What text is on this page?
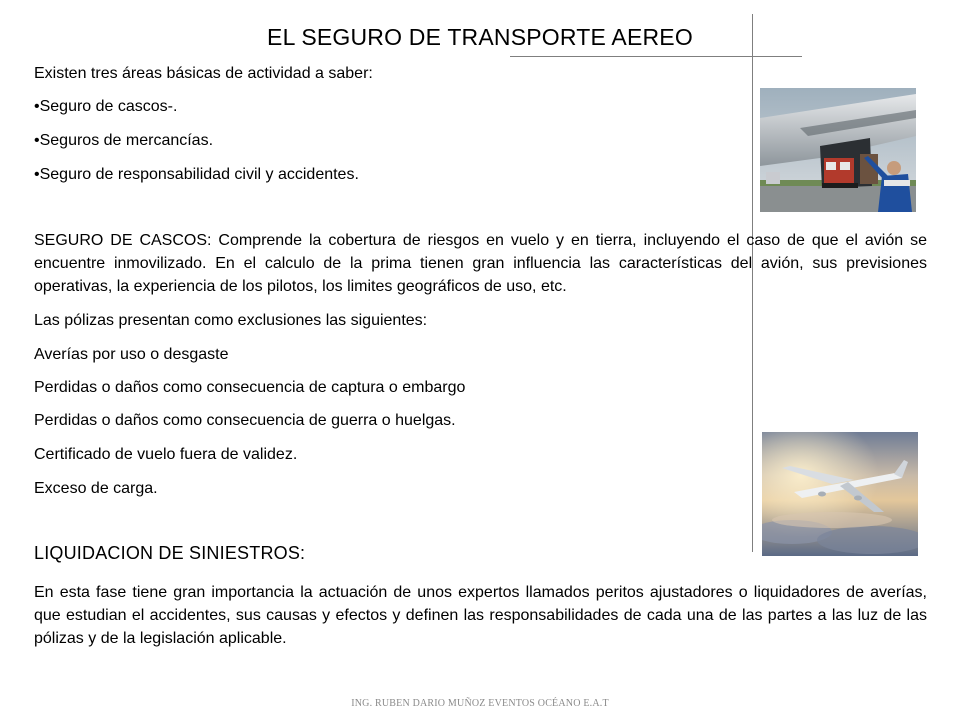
EL SEGURO DE TRANSPORTE AEREO
Existen tres áreas básicas de actividad a saber:
•Seguro de cascos-.
•Seguros de mercancías.
•Seguro de responsabilidad civil y accidentes.
SEGURO DE CASCOS: Comprende la cobertura de riesgos en vuelo y en tierra, incluyendo el caso de que el avión se encuentre inmovilizado. En el calculo de la prima tienen gran influencia las características del avión, sus previsiones operativas, la experiencia de los pilotos, los limites geográficos de uso, etc.
Las pólizas presentan como exclusiones las siguientes:
Averías por uso o desgaste
Perdidas o daños como consecuencia de captura o embargo
Perdidas o daños como consecuencia de guerra o huelgas.
Certificado de vuelo fuera de validez.
Exceso de carga.
LIQUIDACION DE SINIESTROS:
En esta fase tiene gran importancia la actuación de unos expertos llamados peritos ajustadores o liquidadores de averías, que estudian el accidentes, sus causas y efectos y definen las responsabilidades de cada una de las partes a las luz de las pólizas y de la legislación aplicable.
ING. RUBEN DARIO MUÑOZ EVENTOS OCÉANO E.A.T
